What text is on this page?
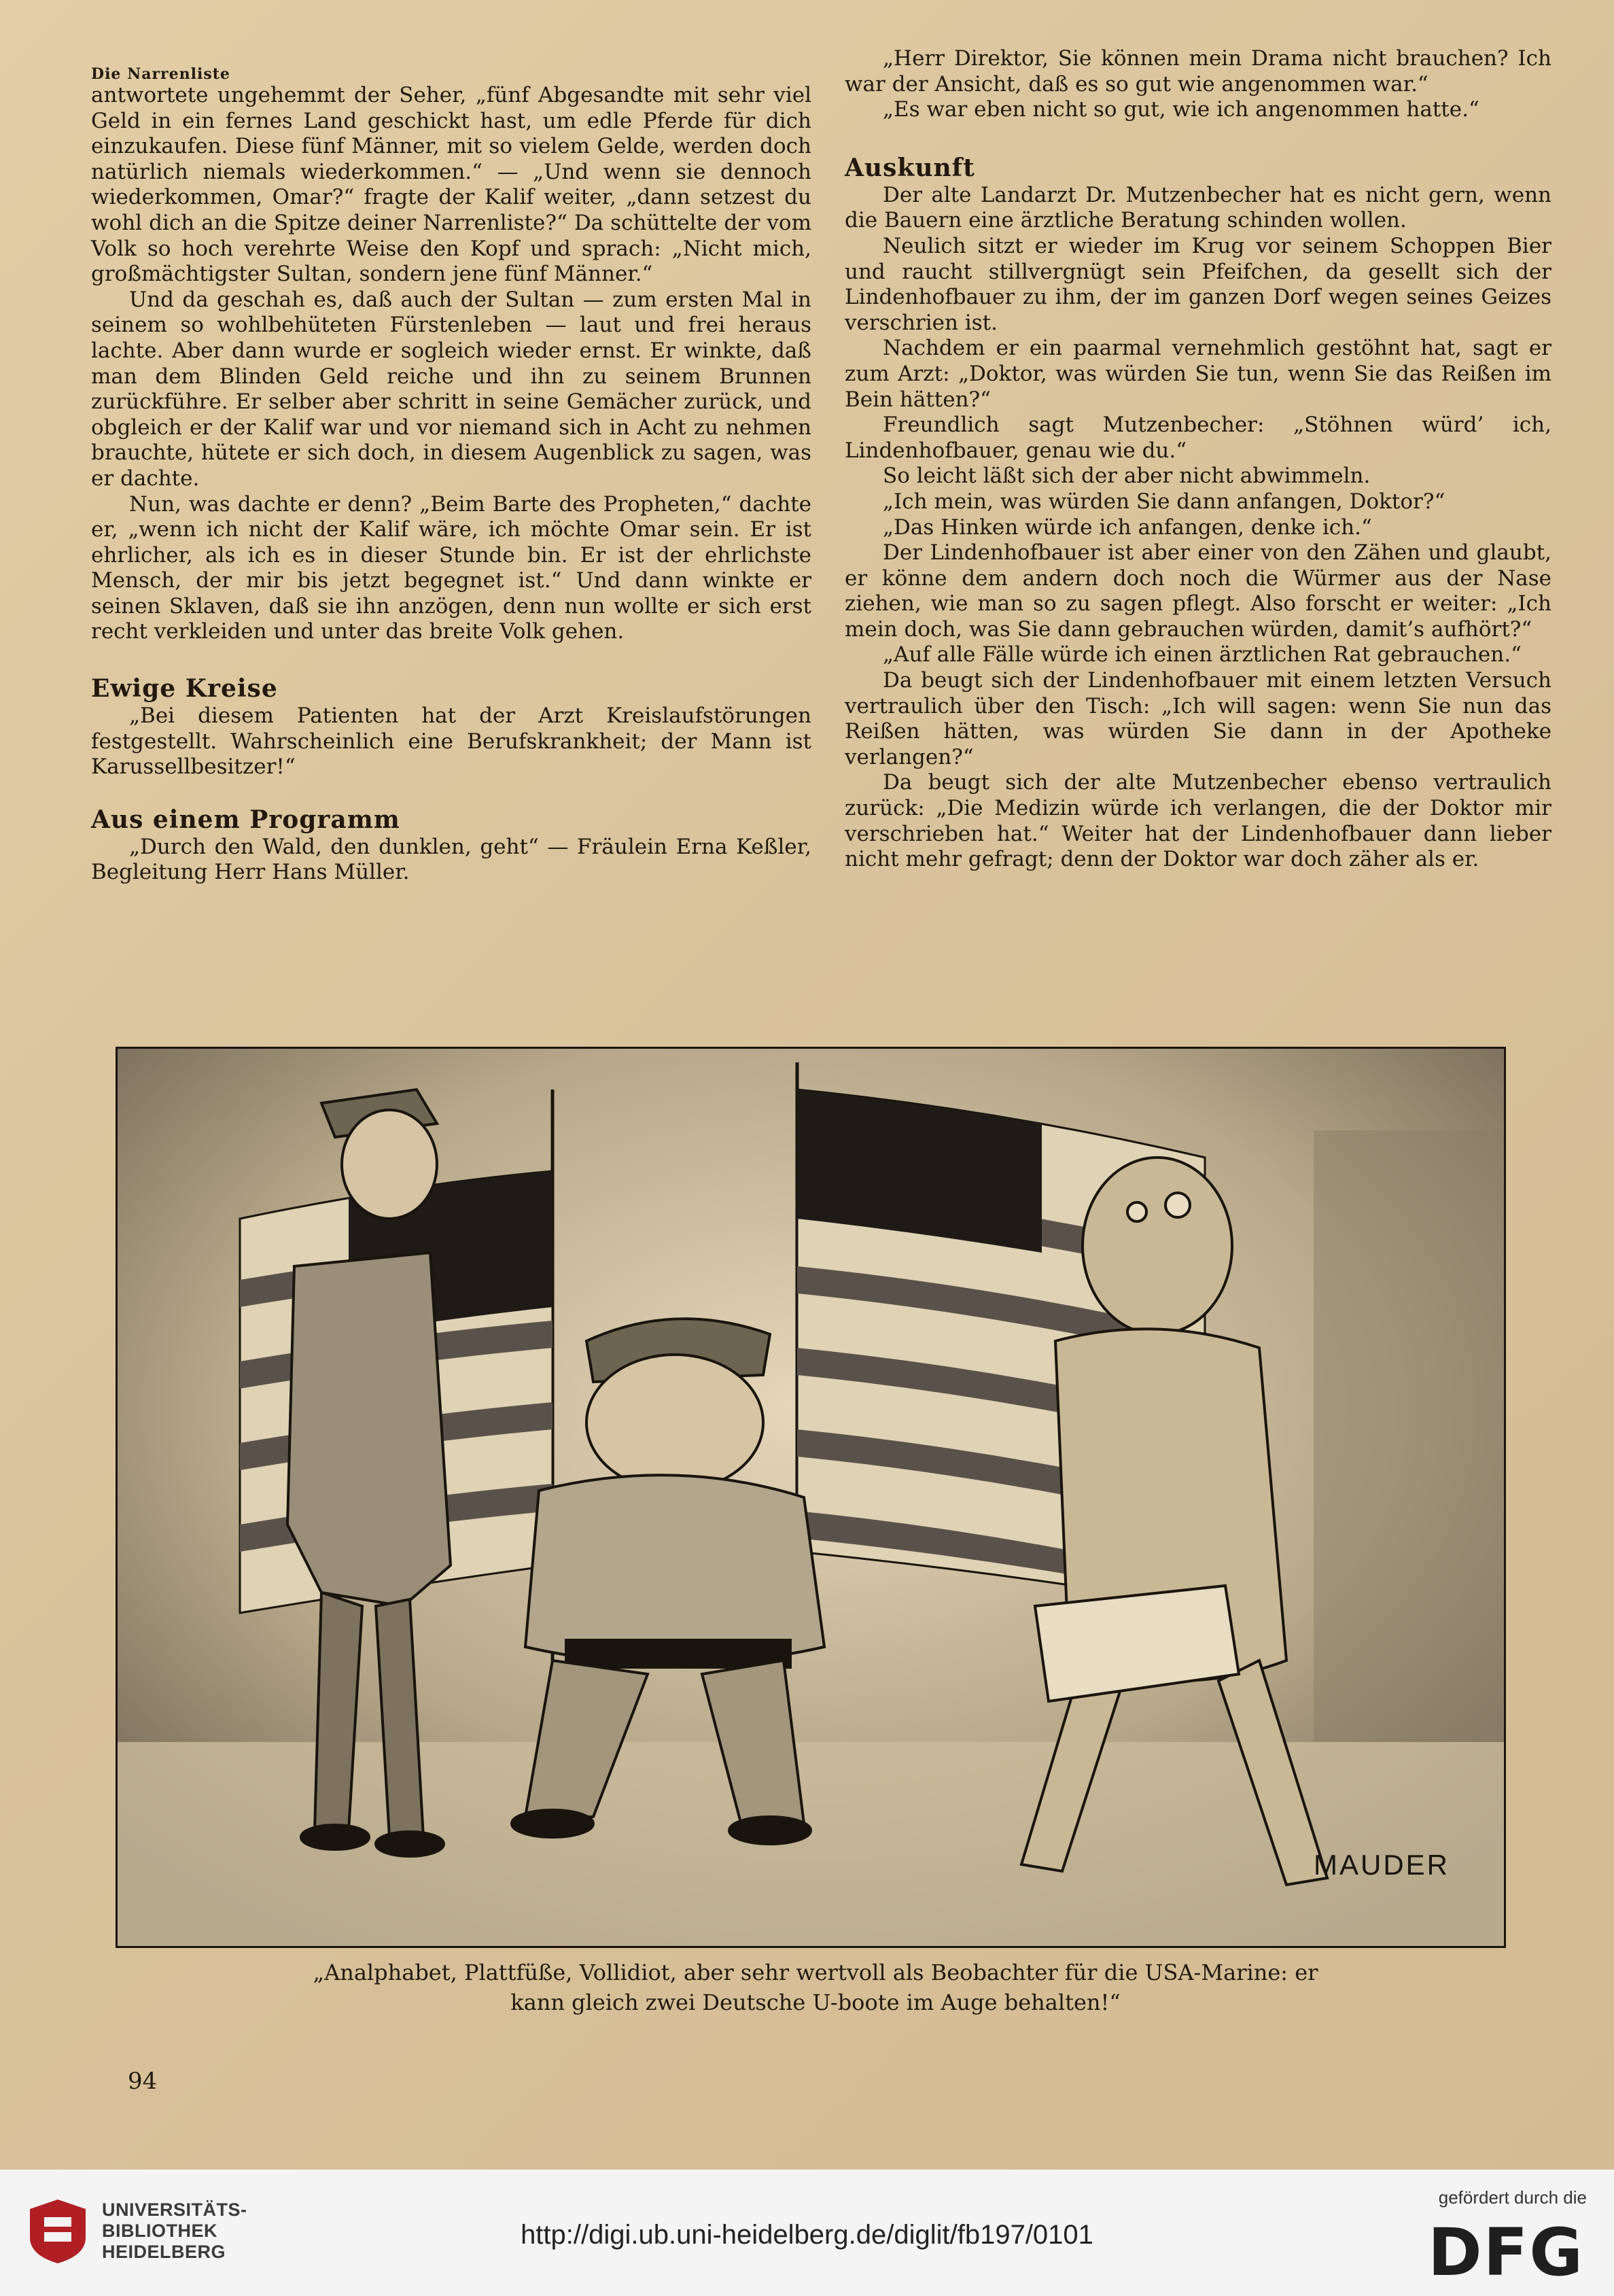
Die Narrenliste

antwortete ungehemmt der Seher, „fünf Abgesandte mit sehr viel Geld in ein fernes Land geschickt hast, um edle Pferde für dich einzukaufen. Diese fünf Männer, mit so vielem Gelde, werden doch natürlich niemals wiederkommen.“ — „Und wenn sie dennoch wiederkommen, Omar?“ fragte der Kalif weiter, „dann setzest du wohl dich an die Spitze deiner Narrenliste?“ Da schüttelte der vom Volk so hoch verehrte Weise den Kopf und sprach: „Nicht mich, großmächtigster Sultan, sondern jene fünf Männer.“

Und da geschah es, daß auch der Sultan — zum ersten Mal in seinem so wohlbehüteten Fürstenleben — laut und frei heraus lachte. Aber dann wurde er sogleich wieder ernst. Er winkte, daß man dem Blinden Geld reiche und ihn zu seinem Brunnen zurückführe. Er selber aber schritt in seine Gemächer zurück, und obgleich er der Kalif war und vor niemand sich in Acht zu nehmen brauchte, hütete er sich doch, in diesem Augenblick zu sagen, was er dachte.

Nun, was dachte er denn? „Beim Barte des Propheten,“ dachte er, „wenn ich nicht der Kalif wäre, ich möchte Omar sein. Er ist ehrlicher, als ich es in dieser Stunde bin. Er ist der ehrlichste Mensch, der mir bis jetzt begegnet ist.“ Und dann winkte er seinen Sklaven, daß sie ihn anzögen, denn nun wollte er sich erst recht verkleiden und unter das breite Volk gehen.

Ewige Kreise

„Bei diesem Patienten hat der Arzt Kreislaufstörungen festgestellt. Wahrscheinlich eine Berufskrankheit; der Mann ist Karussellbesitzer!“

Aus einem Programm

„Durch den Wald, den dunklen, geht“ — Fräulein Erna Keßler, Begleitung Herr Hans Müller.

„Herr Direktor, Sie können mein Drama nicht brauchen? Ich war der Ansicht, daß es so gut wie angenommen war.“

„Es war eben nicht so gut, wie ich angenommen hatte.“

Auskunft

Der alte Landarzt Dr. Mutzenbecher hat es nicht gern, wenn die Bauern eine ärztliche Beratung schinden wollen.

Neulich sitzt er wieder im Krug vor seinem Schoppen Bier und raucht stillvergnügt sein Pfeifchen, da gesellt sich der Lindenhofbauer zu ihm, der im ganzen Dorf wegen seines Geizes verschrien ist.

Nachdem er ein paarmal vernehmlich gestöhnt hat, sagt er zum Arzt: „Doktor, was würden Sie tun, wenn Sie das Reißen im Bein hätten?“

Freundlich sagt Mutzenbecher: „Stöhnen würd’ ich, Lindenhofbauer, genau wie du.“

So leicht läßt sich der aber nicht abwimmeln.

„Ich mein, was würden Sie dann anfangen, Doktor?“

„Das Hinken würde ich anfangen, denke ich.“

Der Lindenhofbauer ist aber einer von den Zähen und glaubt, er könne dem andern doch noch die Würmer aus der Nase ziehen, wie man so zu sagen pflegt. Also forscht er weiter: „Ich mein doch, was Sie dann gebrauchen würden, damit’s aufhört?“

„Auf alle Fälle würde ich einen ärztlichen Rat gebrauchen.“

Da beugt sich der Lindenhofbauer mit einem letzten Versuch vertraulich über den Tisch: „Ich will sagen: wenn Sie nun das Reißen hätten, was würden Sie dann in der Apotheke verlangen?“

Da beugt sich der alte Mutzenbecher ebenso vertraulich zurück: „Die Medizin würde ich verlangen, die der Doktor mir verschrieben hat.“ Weiter hat der Lindenhofbauer dann lieber nicht mehr gefragt; denn der Doktor war doch zäher als er.

MAUDER
„Analphabet, Plattfüße, Vollidiot, aber sehr wertvoll als Beobachter für die USA-Marine: er kann gleich zwei Deutsche U-boote im Auge behalten!“
94
UNIVERSITÄTS-
BIBLIOTHEK
HEIDELBERG
http://digi.ub.uni-heidelberg.de/diglit/fb197/0101
gefördert durch die
DFG
